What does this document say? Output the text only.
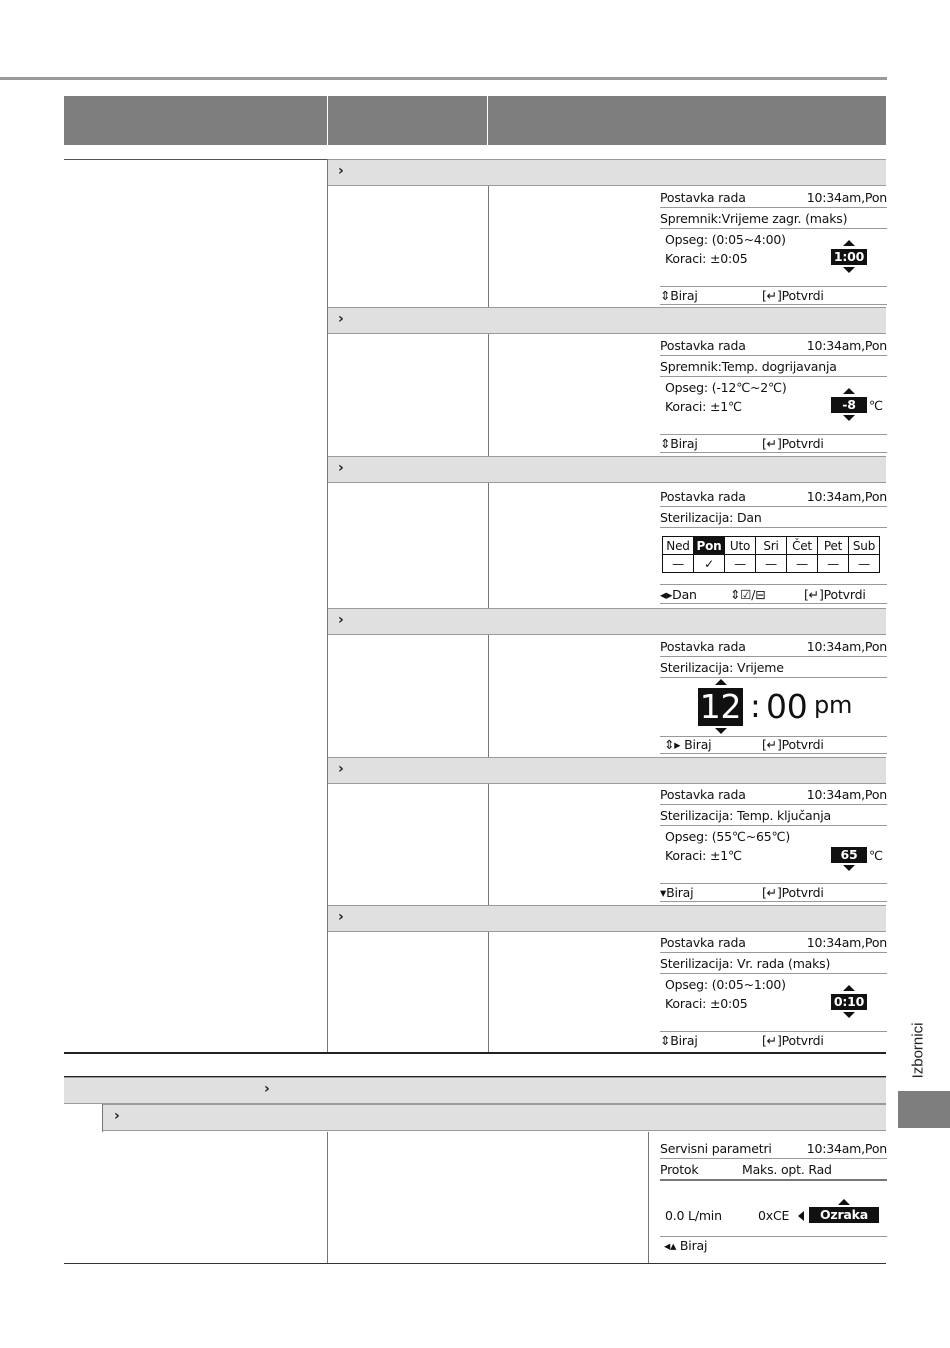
›
›
›
›
›
›
›
›
Izbornici
Postavka rada	10:34am,Pon
Spremnik:Vrijeme zagr. (maks)
Opseg: (0:05~4:00)
Koraci: ±0:05	1:00
⇕Biraj	[↵]Potvrdi
Postavka rada	10:34am,Pon
Spremnik:Temp. dogrijavanja
Opseg: (-12℃~2℃)
Koraci: ±1℃	-8	℃
⇕Biraj	[↵]Potvrdi
Postavka rada	10:34am,Pon
Sterilizacija: Dan
Ned	Pon	Uto	Sri	Čet	Pet	Sub
—	✓	—	—	—	—	—
◂▸Dan	⇕☑/⊟	[↵]Potvrdi
Postavka rada	10:34am,Pon
Sterilizacija: Vrijeme
12 : 00 pm
⇕▸ Biraj	[↵]Potvrdi
Postavka rada	10:34am,Pon
Sterilizacija: Temp. ključanja
Opseg: (55℃~65℃)
Koraci: ±1℃	65 ℃
▾Biraj	[↵]Potvrdi
Postavka rada	10:34am,Pon
Sterilizacija: Vr. rada (maks)
Opseg: (0:05~1:00)
Koraci: ±0:05	0:10
⇕Biraj	[↵]Potvrdi
Servisni parametri	10:34am,Pon
Protok	Maks. opt. Rad
0.0 L/min	0xCE	Ozraka
◂▴ Biraj
